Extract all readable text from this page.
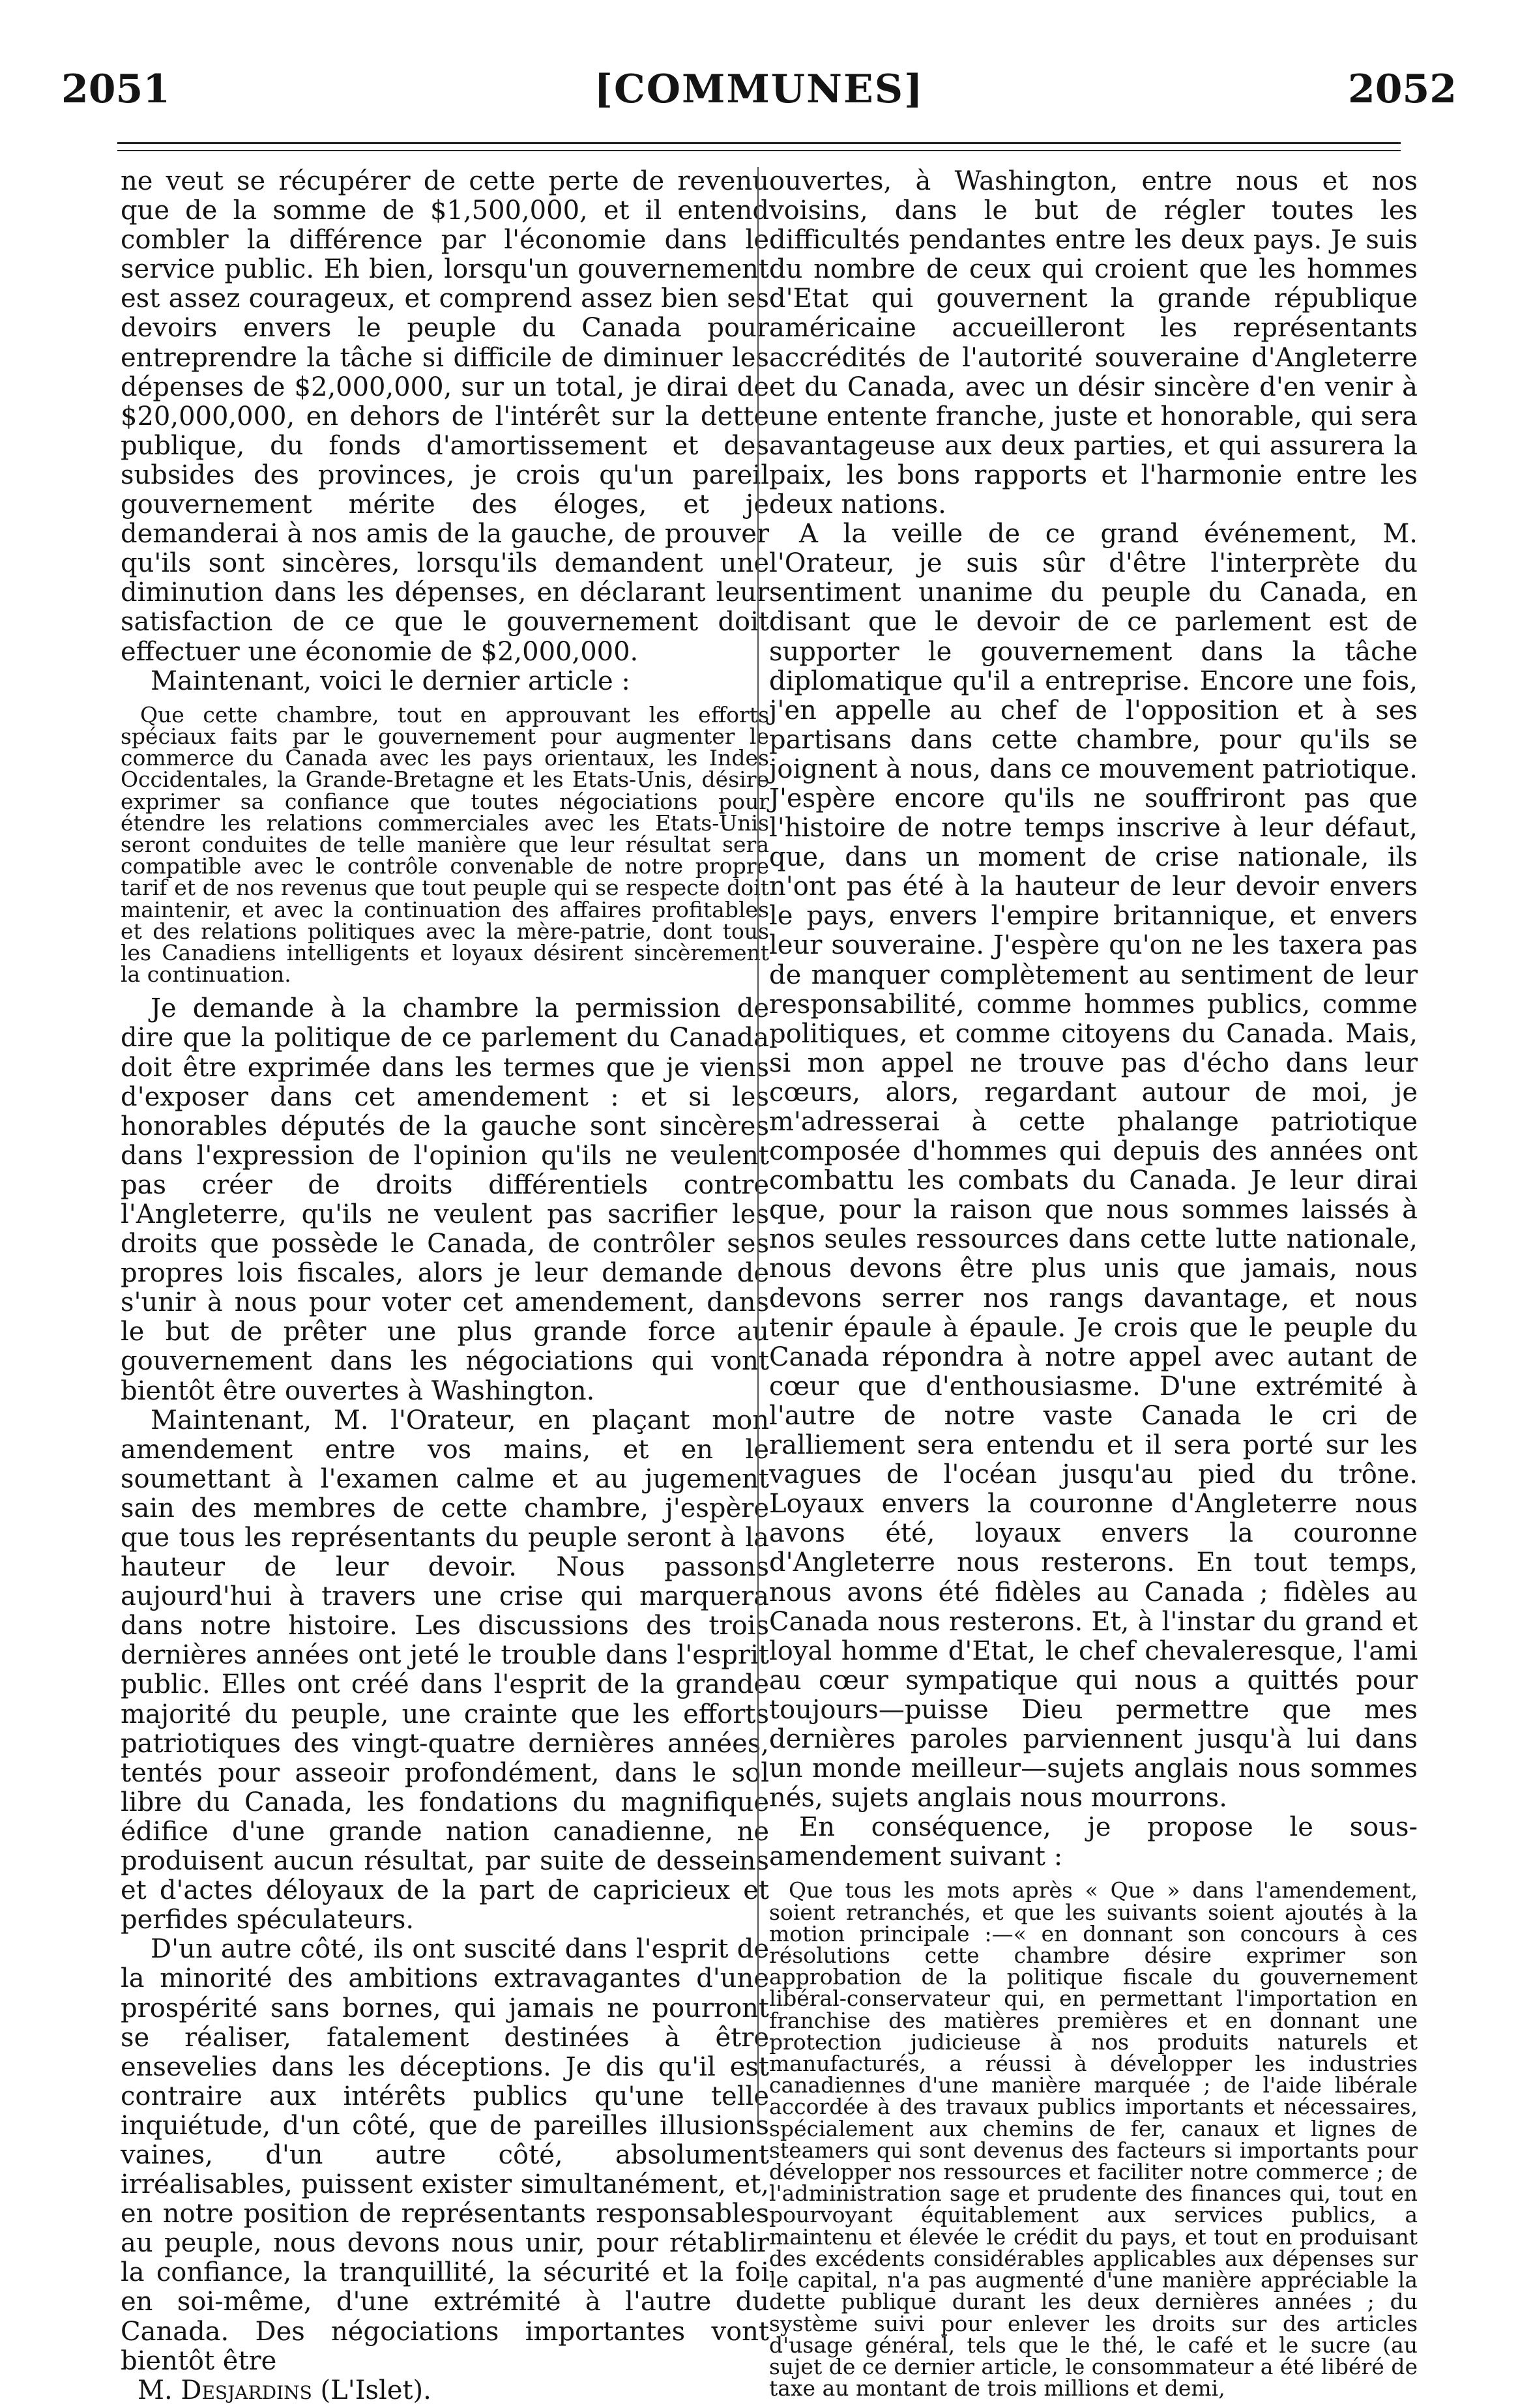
2051	[COMMUNES]	2052

ne veut se récupérer de cette perte de revenu que de la somme de $1,500,000, et il entend combler la différence par l'économie dans le service public. Eh bien, lorsqu'un gouvernement est assez courageux, et comprend assez bien ses devoirs envers le peuple du Canada pour entreprendre la tâche si difficile de diminuer les dépenses de $2,000,000, sur un total, je dirai de $20,000,000, en dehors de l'intérêt sur la dette publique, du fonds d'amortissement et des subsides des provinces, je crois qu'un pareil gouvernement mérite des éloges, et je demanderai à nos amis de la gauche, de prouver qu'ils sont sincères, lorsqu'ils demandent une diminution dans les dépenses, en déclarant leur satisfaction de ce que le gouvernement doit effectuer une économie de $2,000,000.

Maintenant, voici le dernier article :

Que cette chambre, tout en approuvant les efforts spéciaux faits par le gouvernement pour augmenter le commerce du Canada avec les pays orientaux, les Indes Occidentales, la Grande-Bretagne et les Etats-Unis, désire exprimer sa confiance que toutes négociations pour étendre les relations commerciales avec les Etats-Unis seront conduites de telle manière que leur résultat sera compatible avec le contrôle convenable de notre propre tarif et de nos revenus que tout peuple qui se respecte doit maintenir, et avec la continuation des affaires profitables et des relations politiques avec la mère-patrie, dont tous les Canadiens intelligents et loyaux désirent sincèrement la continuation.

Je demande à la chambre la permission de dire que la politique de ce parlement du Canada doit être exprimée dans les termes que je viens d'exposer dans cet amendement : et si les honorables députés de la gauche sont sincères dans l'expression de l'opinion qu'ils ne veulent pas créer de droits différentiels contre l'Angleterre, qu'ils ne veulent pas sacrifier les droits que possède le Canada, de contrôler ses propres lois fiscales, alors je leur demande de s'unir à nous pour voter cet amendement, dans le but de prêter une plus grande force au gouvernement dans les négociations qui vont bientôt être ouvertes à Washington.

Maintenant, M. l'Orateur, en plaçant mon amendement entre vos mains, et en le soumettant à l'examen calme et au jugement sain des membres de cette chambre, j'espère que tous les représentants du peuple seront à la hauteur de leur devoir. Nous passons aujourd'hui à travers une crise qui marquera dans notre histoire. Les discussions des trois dernières années ont jeté le trouble dans l'esprit public. Elles ont créé dans l'esprit de la grande majorité du peuple, une crainte que les efforts patriotiques des vingt-quatre dernières années, tentés pour asseoir profondément, dans le sol libre du Canada, les fondations du magnifique édifice d'une grande nation canadienne, ne produisent aucun résultat, par suite de desseins et d'actes déloyaux de la part de capricieux et perfides spéculateurs.

D'un autre côté, ils ont suscité dans l'esprit de la minorité des ambitions extravagantes d'une prospérité sans bornes, qui jamais ne pourront se réaliser, fatalement destinées à être ensevelies dans les déceptions. Je dis qu'il est contraire aux intérêts publics qu'une telle inquiétude, d'un côté, que de pareilles illusions vaines, d'un autre côté, absolument irréalisables, puissent exister simultanément, et, en notre position de représentants responsables au peuple, nous devons nous unir, pour rétablir la confiance, la tranquillité, la sécurité et la foi en soi-même, d'une extrémité à l'autre du Canada. Des négociations importantes vont bientôt être

M. Desjardins (L'Islet).

ouvertes, à Washington, entre nous et nos voisins, dans le but de régler toutes les difficultés pendantes entre les deux pays. Je suis du nombre de ceux qui croient que les hommes d'Etat qui gouvernent la grande république américaine accueilleront les représentants accrédités de l'autorité souveraine d'Angleterre et du Canada, avec un désir sincère d'en venir à une entente franche, juste et honorable, qui sera avantageuse aux deux parties, et qui assurera la paix, les bons rapports et l'harmonie entre les deux nations.

A la veille de ce grand événement, M. l'Orateur, je suis sûr d'être l'interprète du sentiment unanime du peuple du Canada, en disant que le devoir de ce parlement est de supporter le gouvernement dans la tâche diplomatique qu'il a entreprise. Encore une fois, j'en appelle au chef de l'opposition et à ses partisans dans cette chambre, pour qu'ils se joignent à nous, dans ce mouvement patriotique. J'espère encore qu'ils ne souffriront pas que l'histoire de notre temps inscrive à leur défaut, que, dans un moment de crise nationale, ils n'ont pas été à la hauteur de leur devoir envers le pays, envers l'empire britannique, et envers leur souveraine. J'espère qu'on ne les taxera pas de manquer complètement au sentiment de leur responsabilité, comme hommes publics, comme politiques, et comme citoyens du Canada. Mais, si mon appel ne trouve pas d'écho dans leur cœurs, alors, regardant autour de moi, je m'adresserai à cette phalange patriotique composée d'hommes qui depuis des années ont combattu les combats du Canada. Je leur dirai que, pour la raison que nous sommes laissés à nos seules ressources dans cette lutte nationale, nous devons être plus unis que jamais, nous devons serrer nos rangs davantage, et nous tenir épaule à épaule. Je crois que le peuple du Canada répondra à notre appel avec autant de cœur que d'enthousiasme. D'une extrémité à l'autre de notre vaste Canada le cri de ralliement sera entendu et il sera porté sur les vagues de l'océan jusqu'au pied du trône. Loyaux envers la couronne d'Angleterre nous avons été, loyaux envers la couronne d'Angleterre nous resterons. En tout temps, nous avons été fidèles au Canada ; fidèles au Canada nous resterons. Et, à l'instar du grand et loyal homme d'Etat, le chef chevaleresque, l'ami au cœur sympatique qui nous a quittés pour toujours—puisse Dieu permettre que mes dernières paroles parviennent jusqu'à lui dans un monde meilleur—sujets anglais nous sommes nés, sujets anglais nous mourrons.

En conséquence, je propose le sous-amendement suivant :

Que tous les mots après « Que » dans l'amendement, soient retranchés, et que les suivants soient ajoutés à la motion principale :—« en donnant son concours à ces résolutions cette chambre désire exprimer son approbation de la politique fiscale du gouvernement libéral-conservateur qui, en permettant l'importation en franchise des matières premières et en donnant une protection judicieuse à nos produits naturels et manufacturés, a réussi à développer les industries canadiennes d'une manière marquée ; de l'aide libérale accordée à des travaux publics importants et nécessaires, spécialement aux chemins de fer, canaux et lignes de steamers qui sont devenus des facteurs si importants pour développer nos ressources et faciliter notre commerce ; de l'administration sage et prudente des finances qui, tout en pourvoyant équitablement aux services publics, a maintenu et élevée le crédit du pays, et tout en produisant des excédents considérables applicables aux dépenses sur le capital, n'a pas augmenté d'une manière appréciable la dette publique durant les deux dernières années ; du système suivi pour enlever les droits sur des articles d'usage général, tels que le thé, le café et le sucre (au sujet de ce dernier article, le consommateur a été libéré de taxe au montant de trois millions et demi,
